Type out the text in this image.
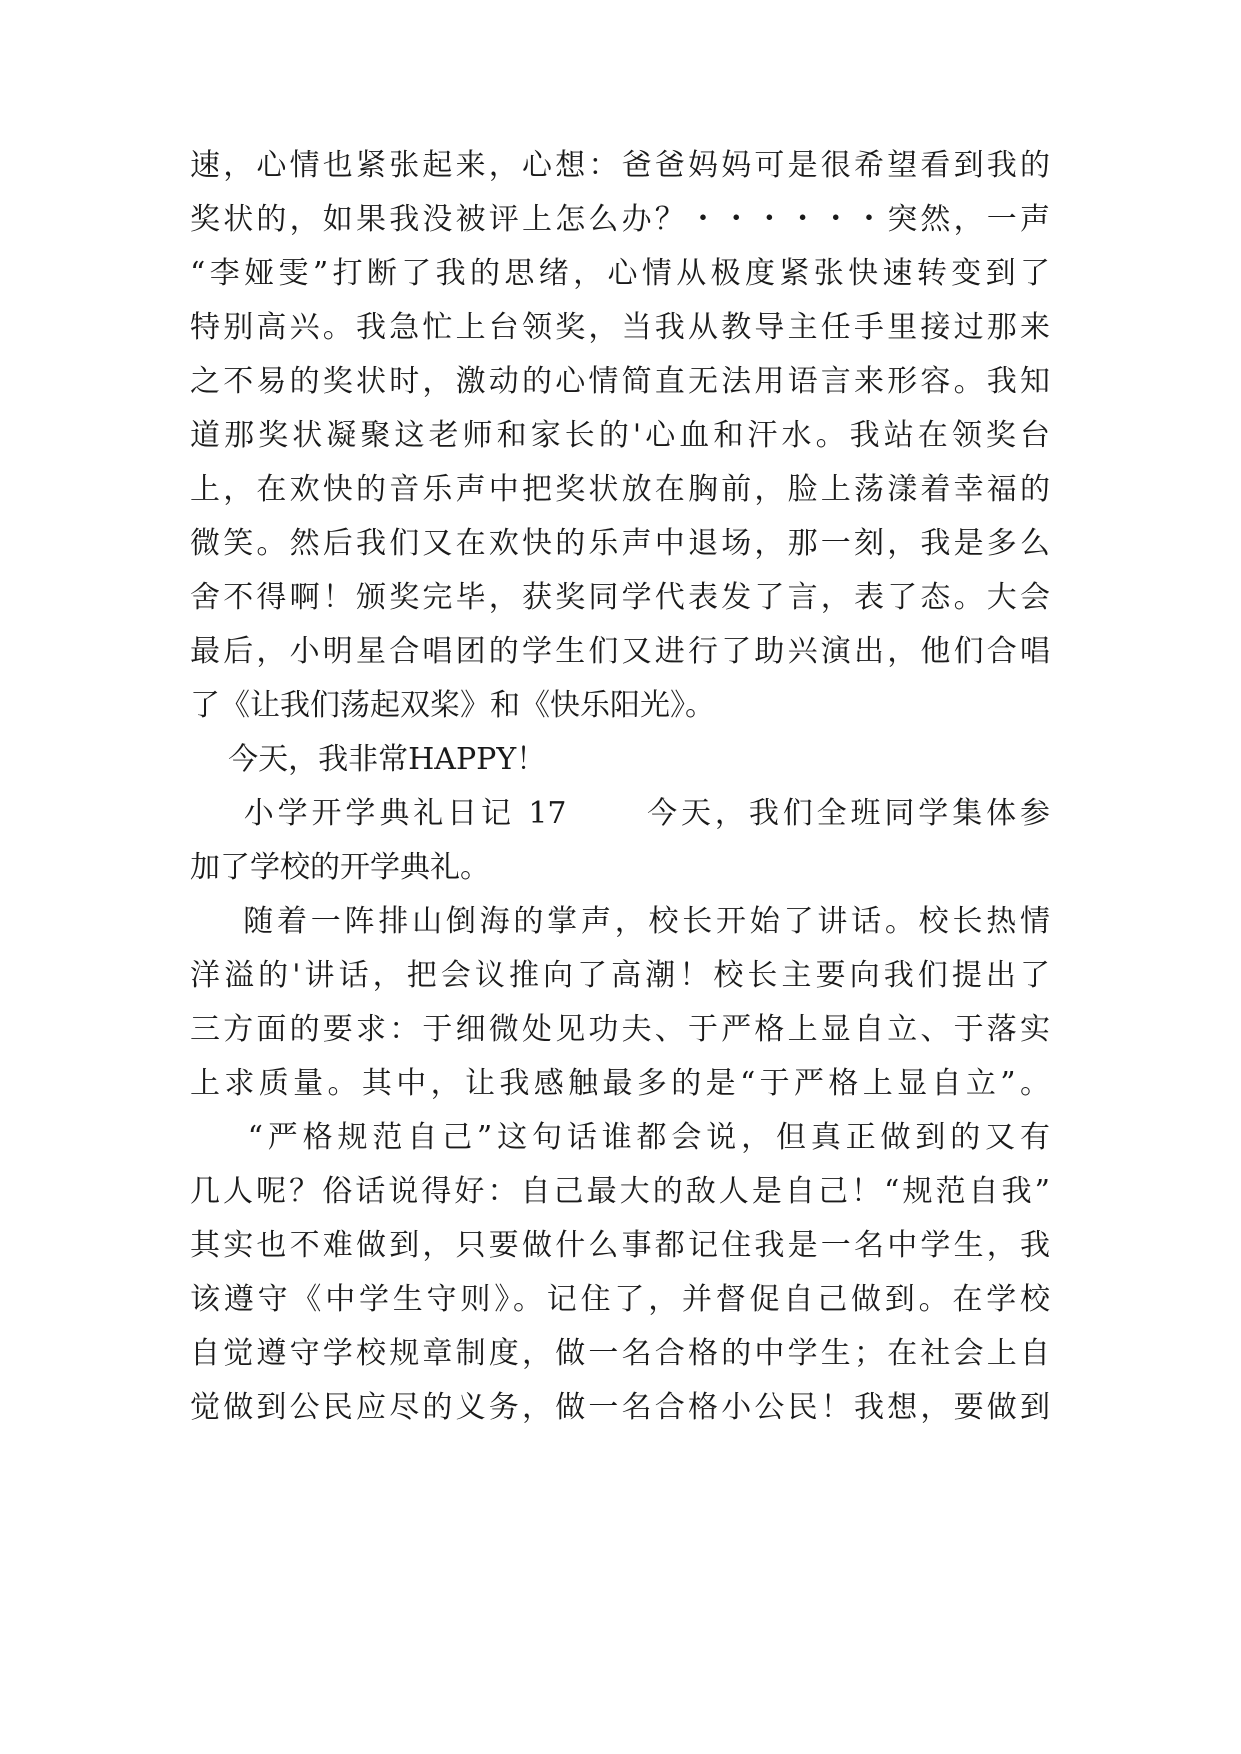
速，心情也紧张起来，心想：爸爸妈妈可是很希望看到我的
奖状的，如果我没被评上怎么办？・・・・・・突然，一声
“李娅雯”打断了我的思绪，心情从极度紧张快速转变到了
特别高兴。我急忙上台领奖，当我从教导主任手里接过那来
之不易的奖状时，激动的心情简直无法用语言来形容。我知
道那奖状凝聚这老师和家长的'心血和汗水。我站在领奖台
上，在欢快的音乐声中把奖状放在胸前，脸上荡漾着幸福的
微笑。然后我们又在欢快的乐声中退场，那一刻，我是多么
舍不得啊！颁奖完毕，获奖同学代表发了言，表了态。大会
最后，小明星合唱团的学生们又进行了助兴演出，他们合唱
了《让我们荡起双桨》和《快乐阳光》。
今天，我非常HAPPY！
小学开学典礼日记 17      今天，我们全班同学集体参
加了学校的开学典礼。
随着一阵排山倒海的掌声，校长开始了讲话。校长热情
洋溢的'讲话，把会议推向了高潮！校长主要向我们提出了
三方面的要求：于细微处见功夫、于严格上显自立、于落实
上求质量。其中，让我感触最多的是“于严格上显自立”。
“严格规范自己”这句话谁都会说，但真正做到的又有
几人呢？俗话说得好：自己最大的敌人是自己！“规范自我”
其实也不难做到，只要做什么事都记住我是一名中学生，我
该遵守《中学生守则》。记住了，并督促自己做到。在学校
自觉遵守学校规章制度，做一名合格的中学生；在社会上自
觉做到公民应尽的义务，做一名合格小公民！我想，要做到
